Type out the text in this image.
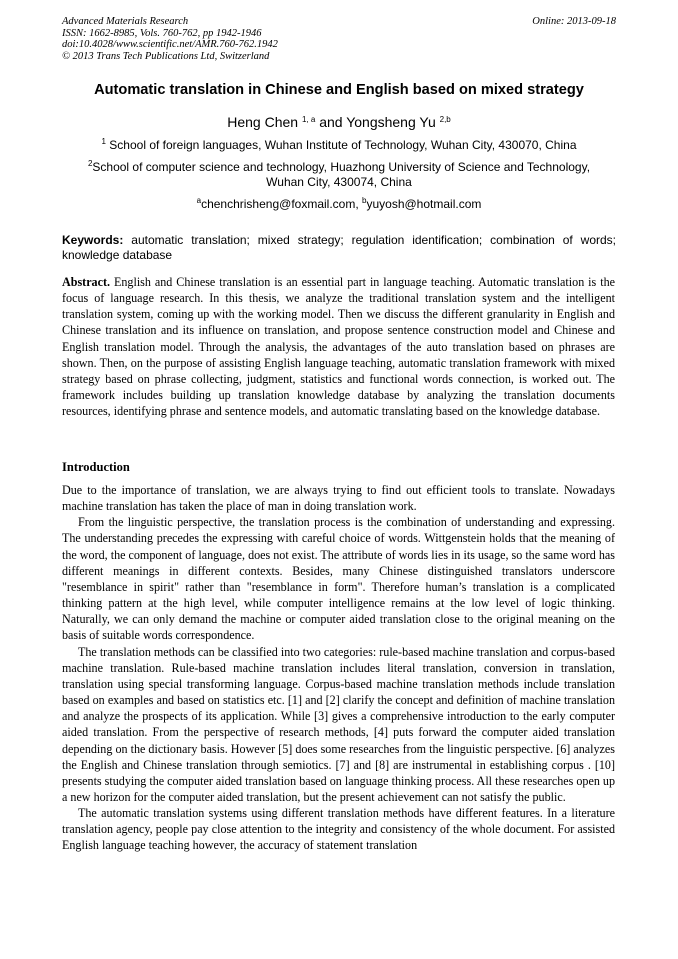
Advanced Materials Research
ISSN: 1662-8985, Vols. 760-762, pp 1942-1946
doi:10.4028/www.scientific.net/AMR.760-762.1942
© 2013 Trans Tech Publications Ltd, Switzerland
Online: 2013-09-18
Automatic translation in Chinese and English based on mixed strategy
Heng Chen $^{1, a}$ and Yongsheng Yu $^{2,b}$
$^1$ School of foreign languages, Wuhan Institute of Technology, Wuhan City, 430070, China
$^2$School of computer science and technology, Huazhong University of Science and Technology,
Wuhan City, 430074, China
$^a$chenchrisheng@foxmail.com, $^b$yuyosh@hotmail.com
Keywords: automatic translation; mixed strategy; regulation identification; combination of words; knowledge database

Abstract. English and Chinese translation is an essential part in language teaching. Automatic translation is the focus of language research. In this thesis, we analyze the traditional translation system and the intelligent translation system, coming up with the working model. Then we discuss the different granularity in English and Chinese translation and its influence on translation, and propose sentence construction model and Chinese and English translation model. Through the analysis, the advantages of the auto translation based on phrases are shown. Then, on the purpose of assisting English language teaching, automatic translation framework with mixed strategy based on phrase collecting, judgment, statistics and functional words connection, is worked out. The framework includes building up translation knowledge database by analyzing the translation documents resources, identifying phrase and sentence models, and automatic translating based on the knowledge database.

Introduction

Due to the importance of translation, we are always trying to find out efficient tools to translate. Nowadays machine translation has taken the place of man in doing translation work.

From the linguistic perspective, the translation process is the combination of understanding and expressing. The understanding precedes the expressing with careful choice of words. Wittgenstein holds that the meaning of the word, the component of language, does not exist. The attribute of words lies in its usage, so the same word has different meanings in different contexts. Besides, many Chinese distinguished translators underscore "resemblance in spirit" rather than "resemblance in form". Therefore human’s translation is a complicated thinking pattern at the high level, while computer intelligence remains at the low level of logic thinking. Naturally, we can only demand the machine or computer aided translation close to the original meaning on the basis of suitable words correspondence.

The translation methods can be classified into two categories: rule-based machine translation and corpus-based machine translation. Rule-based machine translation includes literal translation, conversion in translation, translation using special transforming language. Corpus-based machine translation methods include translation based on examples and based on statistics etc. [1] and [2] clarify the concept and definition of machine translation and analyze the prospects of its application. While [3] gives a comprehensive introduction to the early computer aided translation. From the perspective of research methods, [4] puts forward the computer aided translation depending on the dictionary basis. However [5] does some researches from the linguistic perspective. [6] analyzes the English and Chinese translation through semiotics. [7] and [8] are instrumental in establishing corpus . [10] presents studying the computer aided translation based on language thinking process. All these researches open up a new horizon for the computer aided translation, but the present achievement can not satisfy the public.

The automatic translation systems using different translation methods have different features. In a literature translation agency, people pay close attention to the integrity and consistency of the whole document. For assisted English language teaching however, the accuracy of statement translation
